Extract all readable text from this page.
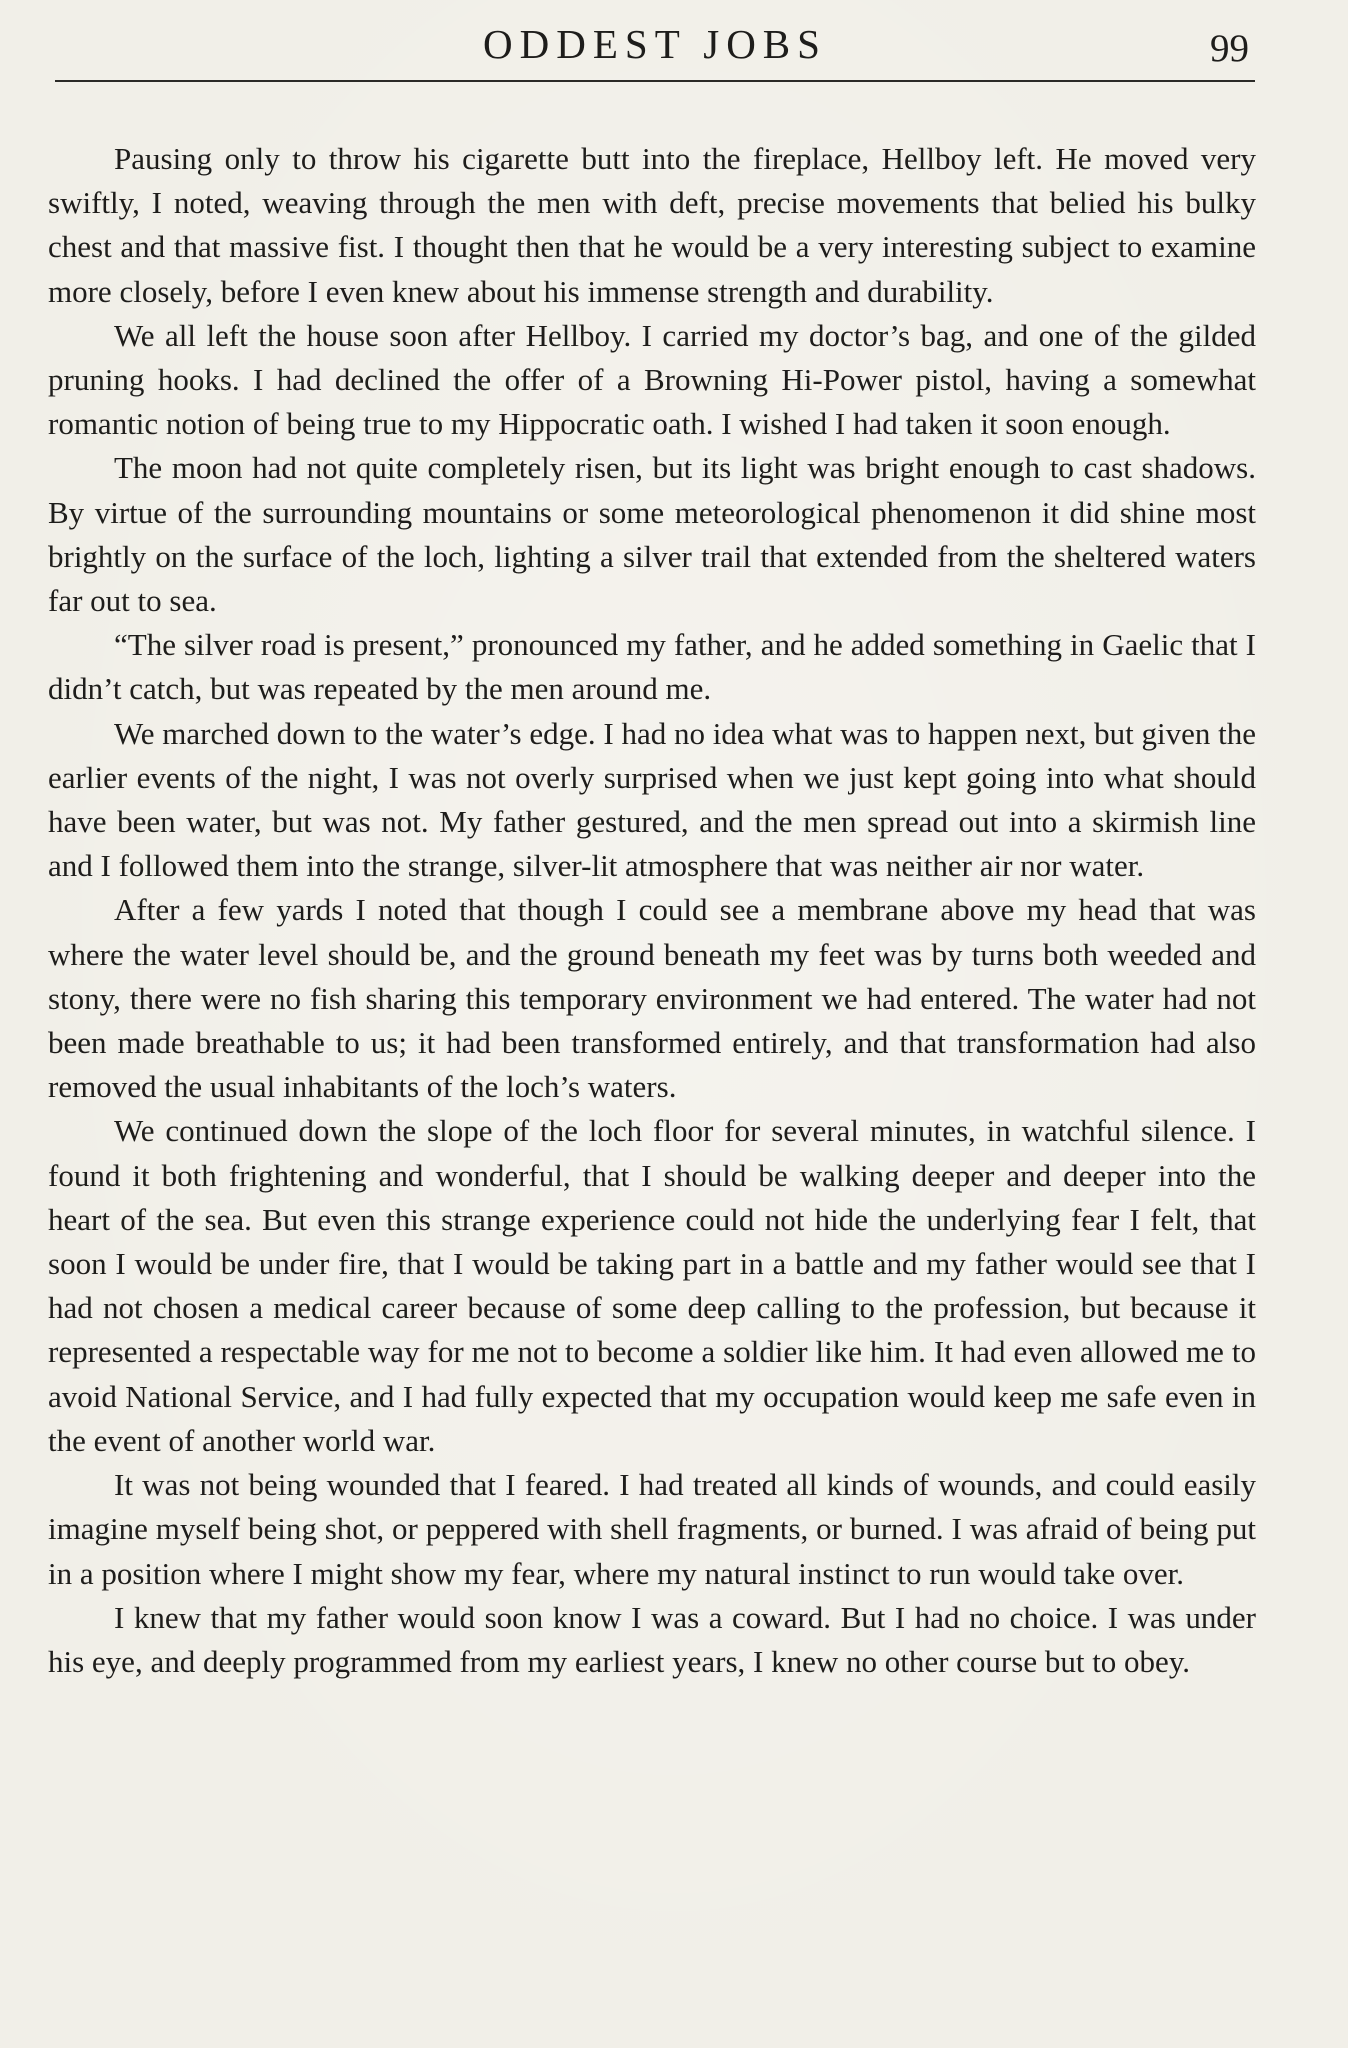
ODDEST JOBS	99

Pausing only to throw his cigarette butt into the fireplace, Hellboy left. He moved very swiftly, I noted, weaving through the men with deft, precise movements that belied his bulky chest and that massive fist. I thought then that he would be a very interesting subject to examine more closely, before I even knew about his immense strength and durability.

We all left the house soon after Hellboy. I carried my doctor’s bag, and one of the gilded pruning hooks. I had declined the offer of a Browning Hi-Power pistol, having a somewhat romantic notion of being true to my Hippocratic oath. I wished I had taken it soon enough.

The moon had not quite completely risen, but its light was bright enough to cast shadows. By virtue of the surrounding mountains or some meteorological phenomenon it did shine most brightly on the surface of the loch, lighting a silver trail that extended from the sheltered waters far out to sea.

“The silver road is present,” pronounced my father, and he added something in Gaelic that I didn’t catch, but was repeated by the men around me.

We marched down to the water’s edge. I had no idea what was to happen next, but given the earlier events of the night, I was not overly surprised when we just kept going into what should have been water, but was not. My father gestured, and the men spread out into a skirmish line and I followed them into the strange, silver-lit atmosphere that was neither air nor water.

After a few yards I noted that though I could see a membrane above my head that was where the water level should be, and the ground beneath my feet was by turns both weeded and stony, there were no fish sharing this temporary environment we had entered. The water had not been made breathable to us; it had been transformed entirely, and that transformation had also removed the usual inhabitants of the loch’s waters.

We continued down the slope of the loch floor for several minutes, in watchful silence. I found it both frightening and wonderful, that I should be walking deeper and deeper into the heart of the sea. But even this strange experience could not hide the underlying fear I felt, that soon I would be under fire, that I would be taking part in a battle and my father would see that I had not chosen a medical career because of some deep calling to the profession, but because it represented a respectable way for me not to become a soldier like him. It had even allowed me to avoid National Service, and I had fully expected that my occupation would keep me safe even in the event of another world war.

It was not being wounded that I feared. I had treated all kinds of wounds, and could easily imagine myself being shot, or peppered with shell fragments, or burned. I was afraid of being put in a position where I might show my fear, where my natural instinct to run would take over.

I knew that my father would soon know I was a coward. But I had no choice. I was under his eye, and deeply programmed from my earliest years, I knew no other course but to obey.
